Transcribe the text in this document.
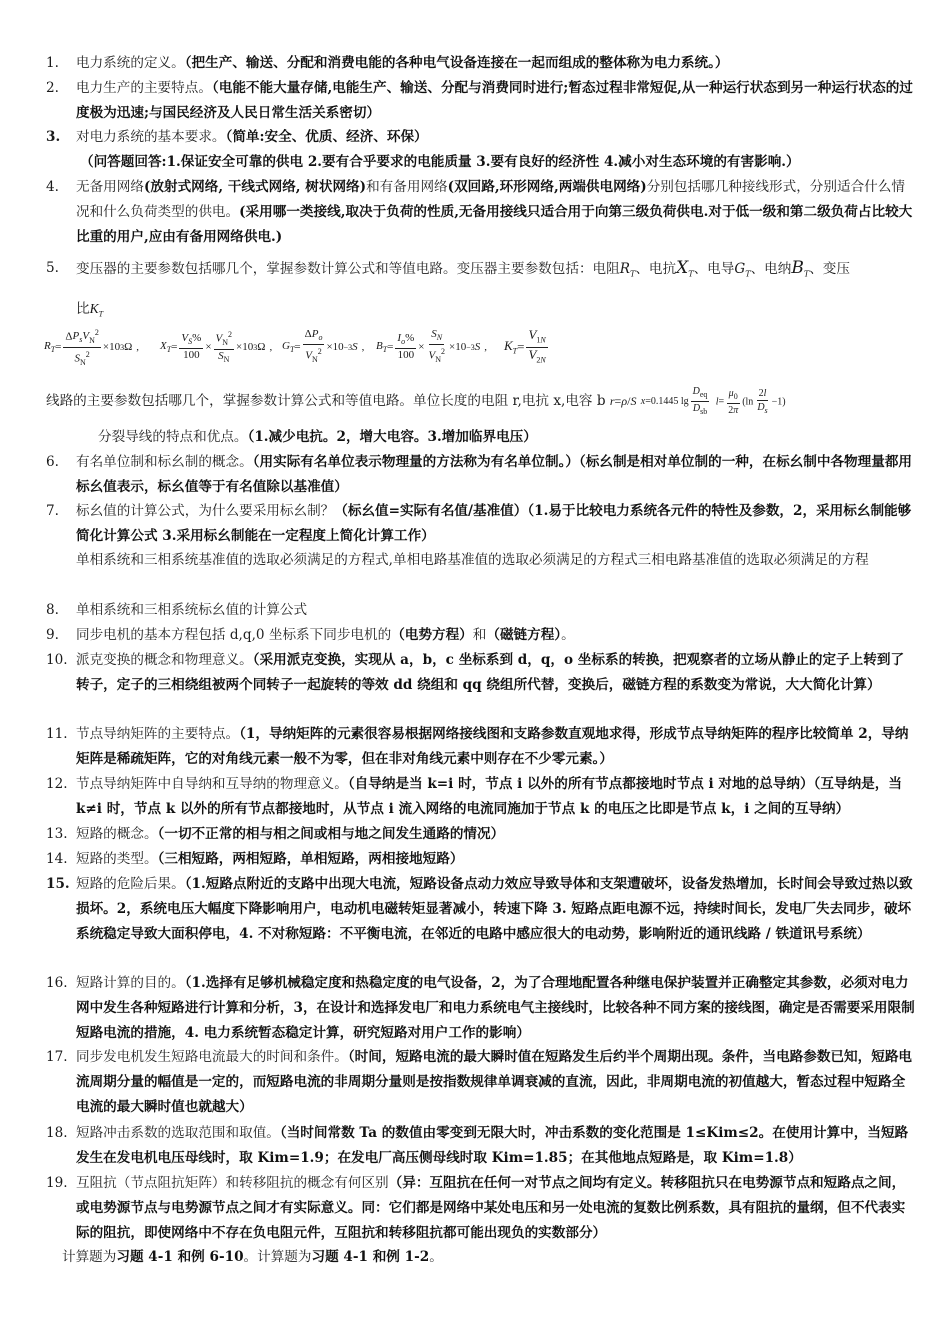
1.	电力系统的定义。（把生产、输送、分配和消费电能的各种电气设备连接在一起而组成的整体称为电力系统。）
2.	电力生产的主要特点。（电能不能大量存储,电能生产、输送、分配与消费同时进行;暂态过程非常短促,从一种运行状态到另一种运行状态的过度极为迅速;与国民经济及人民日常生活关系密切）
3.	对电力系统的基本要求。（简单:安全、优质、经济、环保）
（问答题回答:1.保证安全可靠的供电 2.要有合乎要求的电能质量 3.要有良好的经济性 4.减小对生态环境的有害影响.）
4.	无备用网络(放射式网络, 干线式网络, 树状网络)和有备用网络(双回路,环形网络,两端供电网络)分别包括哪几种接线形式，分别适合什么情况和什么负荷类型的供电。(采用哪一类接线,取决于负荷的性质,无备用接线只适合用于向第三级负荷供电.对于低一级和第二级负荷占比较大比重的用户,应由有备用网络供电.)
5.	变压器的主要参数包括哪几个，掌握参数计算公式和等值电路。变压器主要参数包括：电阻$R_T$、电抗$X_T$、电导$G_T$、电纳$B_T$、变压
比$K_T$
$R_T = \frac{\Delta P_sV_N^2}{S_N^2} \times 10$ 3 Ω , $X_T = \frac{V_S\%}{100} \times \frac{V_N^2}{S_N} \times 10$ 3 Ω , $G_T = \frac{\Delta P_o}{V_N^2} \times 10 -3$ S , $B_T = \frac{I_o\%}{100} \times \frac{S_N}{V_N^2} \times 10 -3$ S , $K_T = \frac{V_{1N}}{V_{2N}}$
线路的主要参数包括哪几个，掌握参数计算公式和等值电路。单位长度的电阻 r,电抗 x,电容 b r=ρ/S x=0.1445 $\lg \frac{D_{eq}}{D_{sb}} l= \frac{\mu_0}{2\pi} (\ln \frac{2l}{D_s} -1)$
分裂导线的特点和优点。（1.减少电抗。2，增大电容。3.增加临界电压）
6.	有名单位制和标幺制的概念。（用实际有名单位表示物理量的方法称为有名单位制。）（标幺制是相对单位制的一种，在标幺制中各物理量都用标幺值表示，标幺值等于有名值除以基准值）
7.	标幺值的计算公式，为什么要采用标幺制？（标幺值=实际有名值/基准值）（1.易于比较电力系统各元件的特性及参数，2，采用标幺制能够简化计算公式 3.采用标幺制能在一定程度上简化计算工作）
单相系统和三相系统基准值的选取必须满足的方程式,单相电路基准值的选取必须满足的方程式三相电路基准值的选取必须满足的方程
8.	单相系统和三相系统标幺值的计算公式
9.	同步电机的基本方程包括 d,q,0 坐标系下同步电机的（电势方程）和（磁链方程）。
10. 派克变换的概念和物理意义。（采用派克变换，实现从 a，b，c 坐标系到 d，q，o 坐标系的转换，把观察者的立场从静止的定子上转到了转子，定子的三相绕组被两个同转子一起旋转的等效 dd 绕组和 qq 绕组所代替，变换后，磁链方程的系数变为常说，大大简化计算）
11. 节点导纳矩阵的主要特点。（1，导纳矩阵的元素很容易根据网络接线图和支路参数直观地求得，形成节点导纳矩阵的程序比较简单 2，导纳矩阵是稀疏矩阵，它的对角线元素一般不为零，但在非对角线元素中则存在不少零元素。）
12. 节点导纳矩阵中自导纳和互导纳的物理意义。（自导纳是当 k=i 时，节点 i 以外的所有节点都接地时节点 i 对地的总导纳）（互导纳是，当 k≠i 时，节点 k 以外的所有节点都接地时，从节点 i 流入网络的电流同施加于节点 k 的电压之比即是节点 k，i 之间的互导纳）
13. 短路的概念。（一切不正常的相与相之间或相与地之间发生通路的情况）
14. 短路的类型。（三相短路，两相短路，单相短路，两相接地短路）
15. 短路的危险后果。（1.短路点附近的支路中出现大电流，短路设备点动力效应导致导体和支架遭破坏，设备发热增加，长时间会导致过热以致损坏。2，系统电压大幅度下降影响用户，电动机电磁转矩显著减小，转速下降 3. 短路点距电源不远，持续时间长，发电厂失去同步，破坏系统稳定导致大面积停电，4. 不对称短路：不平衡电流，在邻近的电路中感应很大的电动势，影响附近的通讯线路 / 铁道讯号系统）
16. 短路计算的目的。（1.选择有足够机械稳定度和热稳定度的电气设备，2，为了合理地配置各种继电保护装置并正确整定其参数，必须对电力网中发生各种短路进行计算和分析，3，在设计和选择发电厂和电力系统电气主接线时，比较各种不同方案的接线图，确定是否需要采用限制短路电流的措施，4. 电力系统暂态稳定计算，研究短路对用户工作的影响）
17. 同步发电机发生短路电流最大的时间和条件。（时间，短路电流的最大瞬时值在短路发生后约半个周期出现。条件，当电路参数已知，短路电流周期分量的幅值是一定的，而短路电流的非周期分量则是按指数规律单调衰减的直流，因此，非周期电流的初值越大，暂态过程中短路全电流的最大瞬时值也就越大）
18. 短路冲击系数的选取范围和取值。（当时间常数 Ta 的数值由零变到无限大时，冲击系数的变化范围是 1≤Kim≤2。在使用计算中，当短路发生在发电机电压母线时，取 Kim=1.9；在发电厂高压侧母线时取 Kim=1.85；在其他地点短路是，取 Kim=1.8）
19. 互阻抗（节点阻抗矩阵）和转移阻抗的概念有何区别（异：互阻抗在任何一对节点之间均有定义。转移阻抗只在电势源节点和短路点之间，或电势源节点与电势源节点之间才有实际意义。同：它们都是网络中某处电压和另一处电流的复数比例系数，具有阻抗的量纲，但不代表实际的阻抗，即使网络中不存在负电阻元件，互阻抗和转移阻抗都可能出现负的实数部分）
计算题为习题 4-1 和例 6-10。计算题为习题 4-1 和例 1-2。
